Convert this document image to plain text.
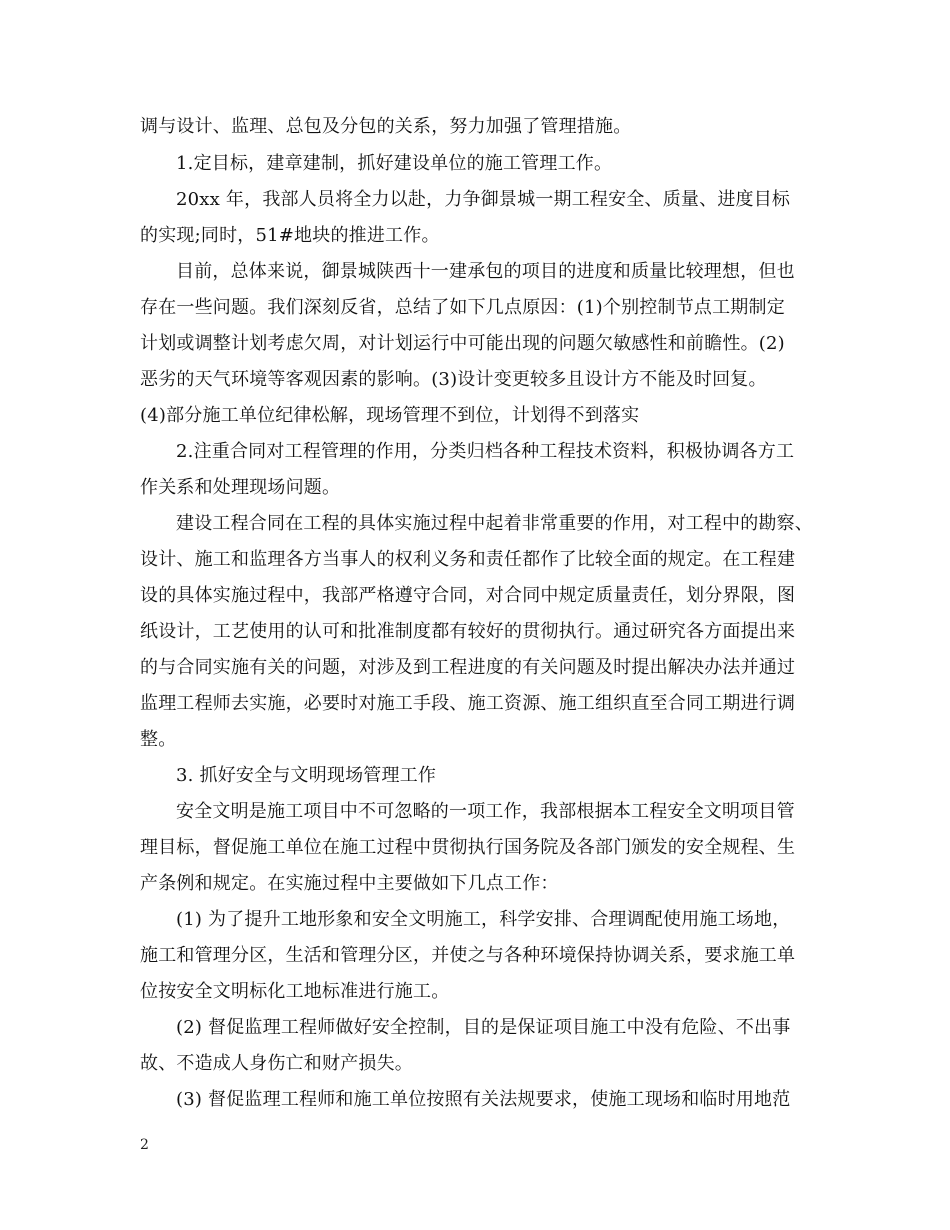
调与设计、监理、总包及分包的关系，努力加强了管理措施。
1.定目标，建章建制，抓好建设单位的施工管理工作。
20xx 年，我部人员将全力以赴，力争御景城一期工程安全、质量、进度目标
的实现;同时，51#地块的推进工作。
目前，总体来说，御景城陕西十一建承包的项目的进度和质量比较理想，但也
存在一些问题。我们深刻反省，总结了如下几点原因：(1)个别控制节点工期制定
计划或调整计划考虑欠周，对计划运行中可能出现的问题欠敏感性和前瞻性。(2)
恶劣的天气环境等客观因素的影响。(3)设计变更较多且设计方不能及时回复。
(4)部分施工单位纪律松解，现场管理不到位，计划得不到落实
2.注重合同对工程管理的作用，分类归档各种工程技术资料，积极协调各方工
作关系和处理现场问题。
建设工程合同在工程的具体实施过程中起着非常重要的作用，对工程中的勘察、
设计、施工和监理各方当事人的权利义务和责任都作了比较全面的规定。在工程建
设的具体实施过程中，我部严格遵守合同，对合同中规定质量责任，划分界限，图
纸设计，工艺使用的认可和批准制度都有较好的贯彻执行。通过研究各方面提出来
的与合同实施有关的问题，对涉及到工程进度的有关问题及时提出解决办法并通过
监理工程师去实施，必要时对施工手段、施工资源、施工组织直至合同工期进行调
整。
3. 抓好安全与文明现场管理工作
安全文明是施工项目中不可忽略的一项工作，我部根据本工程安全文明项目管
理目标，督促施工单位在施工过程中贯彻执行国务院及各部门颁发的安全规程、生
产条例和规定。在实施过程中主要做如下几点工作：
(1) 为了提升工地形象和安全文明施工，科学安排、合理调配使用施工场地，
施工和管理分区，生活和管理分区，并使之与各种环境保持协调关系，要求施工单
位按安全文明标化工地标准进行施工。
(2) 督促监理工程师做好安全控制，目的是保证项目施工中没有危险、不出事
故、不造成人身伤亡和财产损失。
(3) 督促监理工程师和施工单位按照有关法规要求，使施工现场和临时用地范
2
